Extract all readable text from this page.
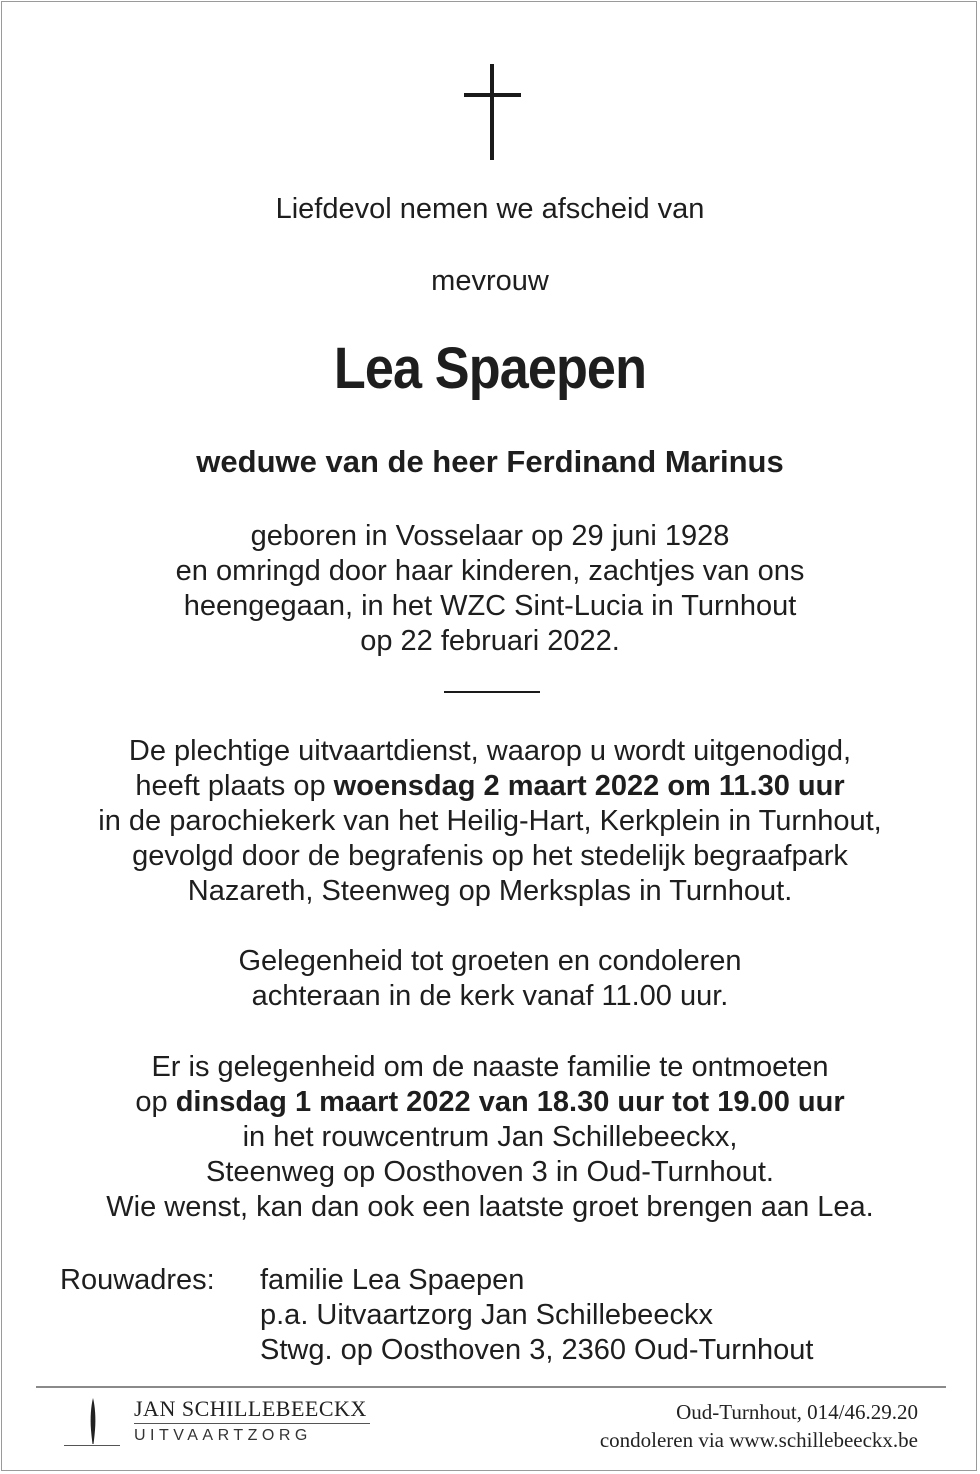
Liefdevol nemen we afscheid van
mevrouw
Lea Spaepen
weduwe van de heer Ferdinand Marinus
geboren in Vosselaar op 29 juni 1928
en omringd door haar kinderen, zachtjes van ons
heengegaan, in het WZC Sint-Lucia in Turnhout
op 22 februari 2022.
De plechtige uitvaartdienst, waarop u wordt uitgenodigd,
heeft plaats op woensdag 2 maart 2022 om 11.30 uur
in de parochiekerk van het Heilig-Hart, Kerkplein in Turnhout,
gevolgd door de begrafenis op het stedelijk begraafpark
Nazareth, Steenweg op Merksplas in Turnhout.
Gelegenheid tot groeten en condoleren
achteraan in de kerk vanaf 11.00 uur.
Er is gelegenheid om de naaste familie te ontmoeten
op dinsdag 1 maart 2022 van 18.30 uur tot 19.00 uur
in het rouwcentrum Jan Schillebeeckx,
Steenweg op Oosthoven 3 in Oud-Turnhout.
Wie wenst, kan dan ook een laatste groet brengen aan Lea.
Rouwadres: familie Lea Spaepen
p.a. Uitvaartzorg Jan Schillebeeckx
Stwg. op Oosthoven 3, 2360 Oud-Turnhout
JAN SCHILLEBEECKX
UITVAARTZORG
Oud-Turnhout, 014/46.29.20
condoleren via www.schillebeeckx.be
